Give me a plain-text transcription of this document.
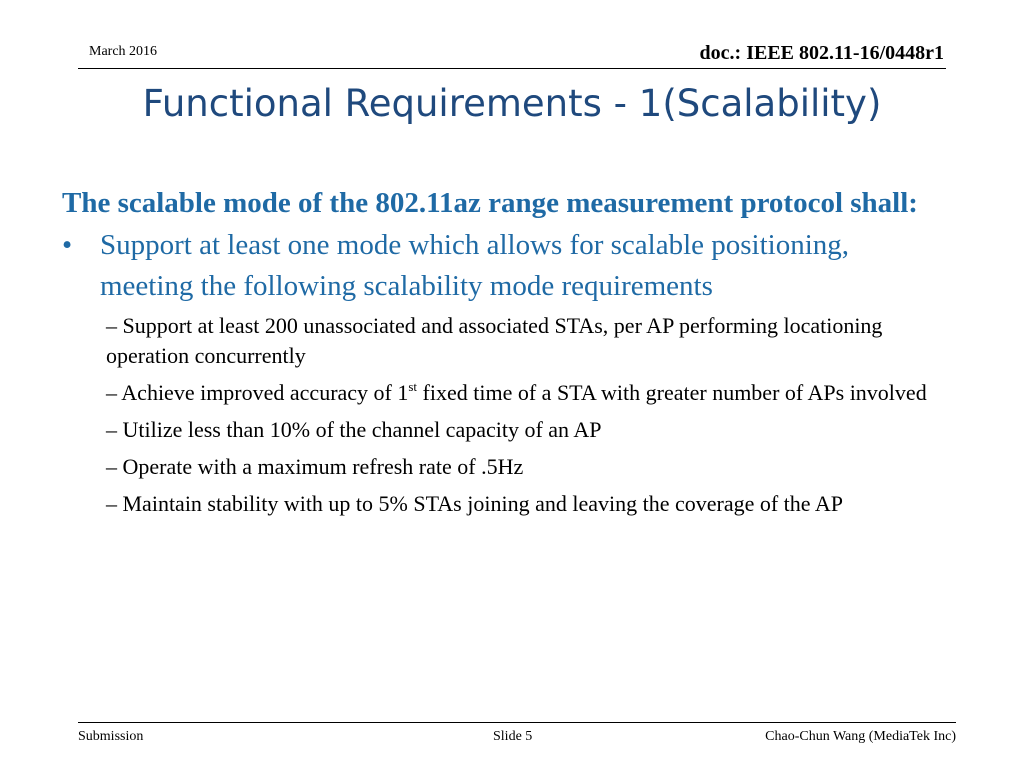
March 2016	doc.: IEEE 802.11-16/0448r1
Functional Requirements - 1(Scalability)

The scalable mode of the 802.11az range measurement protocol shall:

• Support at least one mode which allows for scalable positioning, meeting the following scalability mode requirements
– Support at least 200 unassociated and associated STAs, per AP performing locationing operation concurrently
– Achieve improved accuracy of 1st fixed time of a STA with greater number of APs involved
– Utilize less than 10% of the channel capacity of an AP
– Operate with a maximum refresh rate of .5Hz
– Maintain stability with up to 5% STAs joining and leaving the coverage of the AP
Submission	Slide 5	Chao-Chun Wang (MediaTek Inc)
